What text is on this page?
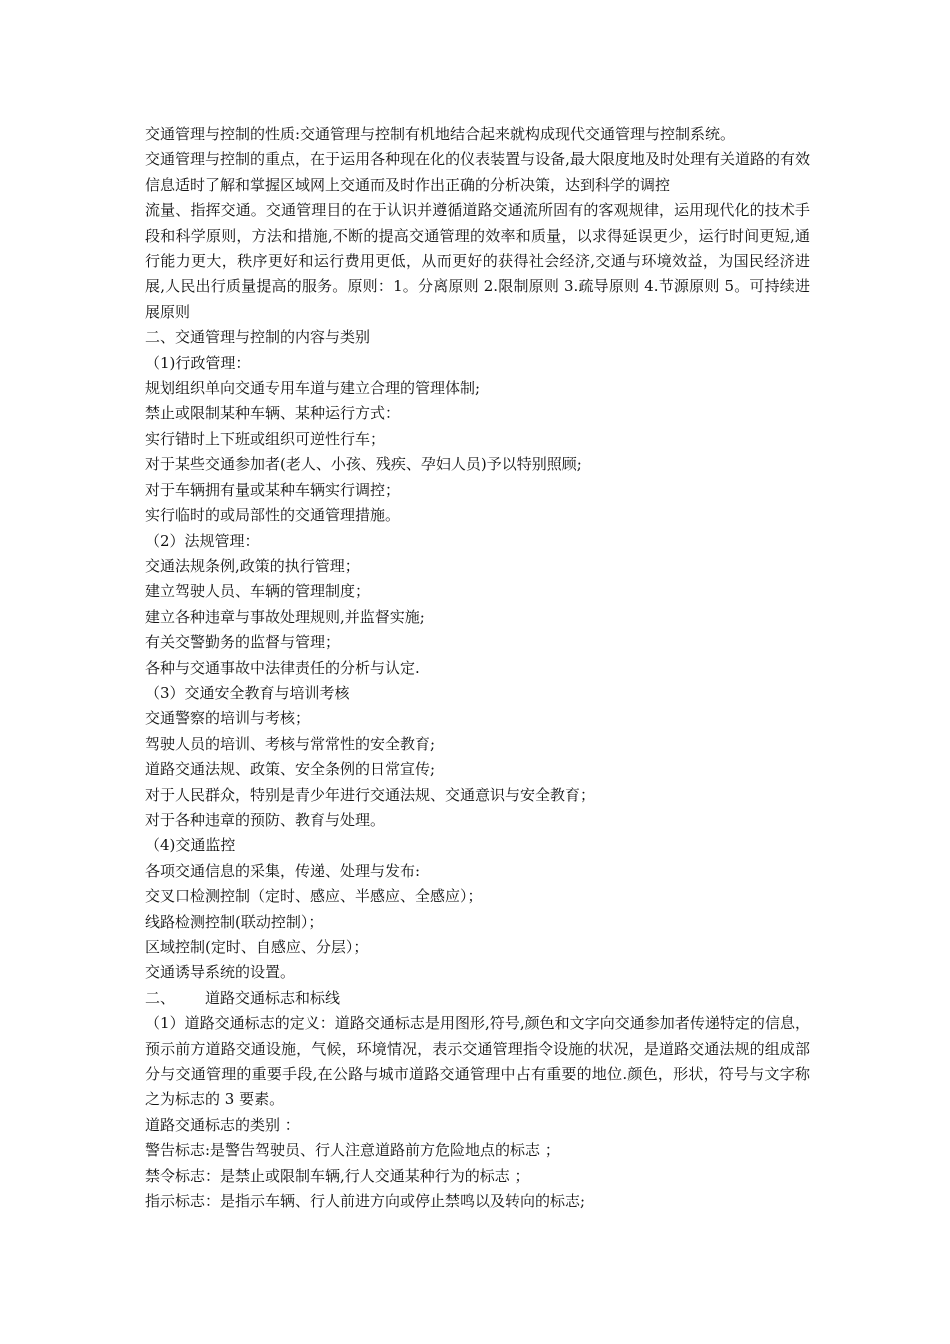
交通管理与控制的性质:交通管理与控制有机地结合起来就构成现代交通管理与控制系统。

交通管理与控制的重点，在于运用各种现在化的仪表装置与设备,最大限度地及时处理有关道路的有效信息适时了解和掌握区域网上交通而及时作出正确的分析决策，达到科学的调控

流量、指挥交通。交通管理目的在于认识并遵循道路交通流所固有的客观规律，运用现代化的技术手段和科学原则，方法和措施,不断的提高交通管理的效率和质量，以求得延误更少，运行时间更短,通行能力更大，秩序更好和运行费用更低，从而更好的获得社会经济,交通与环境效益，为国民经济进展,人民出行质量提高的服务。原则：1。分离原则 2.限制原则 3.疏导原则 4.节源原则 5。可持续进展原则

二、交通管理与控制的内容与类别

（1)行政管理：

规划组织单向交通专用车道与建立合理的管理体制;

禁止或限制某种车辆、某种运行方式：

实行错时上下班或组织可逆性行车；

对于某些交通参加者(老人、小孩、残疾、孕妇人员)予以特别照顾;

对于车辆拥有量或某种车辆实行调控；

实行临时的或局部性的交通管理措施。

（2）法规管理：

交通法规条例,政策的执行管理；

建立驾驶人员、车辆的管理制度；

建立各种违章与事故处理规则,并监督实施;

有关交警勤务的监督与管理；

各种与交通事故中法律责任的分析与认定.

（3）交通安全教育与培训考核

交通警察的培训与考核；

驾驶人员的培训、考核与常常性的安全教育;

道路交通法规、政策、安全条例的日常宣传;

对于人民群众，特别是青少年进行交通法规、交通意识与安全教育；

对于各种违章的预防、教育与处理。

（4)交通监控

各项交通信息的采集，传递、处理与发布:

交叉口检测控制（定时、感应、半感应、全感应）；

线路检测控制(联动控制）；

区域控制(定时、自感应、分层）；

交通诱导系统的设置。

二、 道路交通标志和标线

（1）道路交通标志的定义：道路交通标志是用图形,符号,颜色和文字向交通参加者传递特定的信息，预示前方道路交通设施，气候，环境情况，表示交通管理指令设施的状况，是道路交通法规的组成部分与交通管理的重要手段,在公路与城市道路交通管理中占有重要的地位.颜色，形状，符号与文字称之为标志的 3 要素。

道路交通标志的类别 ：

警告标志:是警告驾驶员、行人注意道路前方危险地点的标志 ；

禁令标志：是禁止或限制车辆,行人交通某种行为的标志 ；

指示标志：是指示车辆、行人前进方向或停止禁鸣以及转向的标志;
